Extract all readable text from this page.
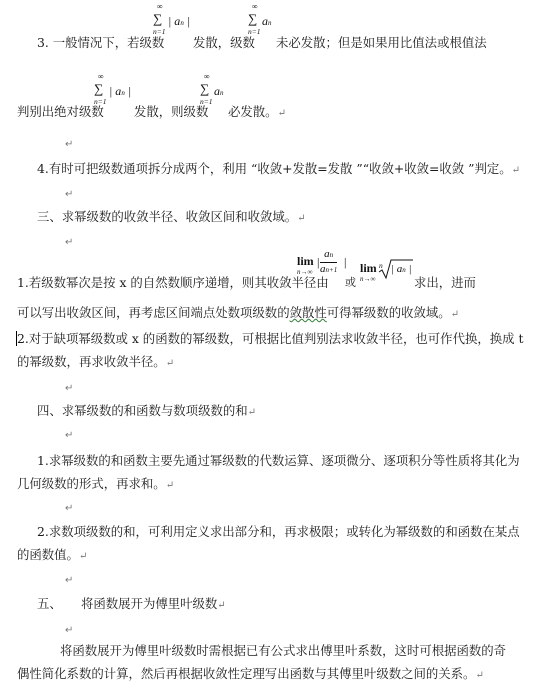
3. 一般情况下，若级数
∞
∑
n=1
| an |
发散，级数
∞
∑
n=1
an
未必发散；但是如果用比值法或根值法
判别出绝对级数
∞
∑
n=1
| an |
发散，则级数
∞
∑
n=1
an
必发散。↵
↵
4.有时可把级数通项拆分成两个，利用 “收敛+发散=发散 ”“收敛+收敛=收敛 ”判定。↵
↵
三、求幂级数的收敛半径、收敛区间和收敛域。↵
↵
1.若级数幂次是按 x 的自然数顺序递增，则其收敛半径由
lim
n→∞
| $\frac{an}{an+1}$ |
或
lim
n→∞
n | an |
求出，进而
可以写出收敛区间，再考虑区间端点处数项级数的敛散性可得幂级数的收敛域。↵
2.对于缺项幂级数或 x 的函数的幂级数，可根据比值判别法求收敛半径，也可作代换，换成 t
的幂级数，再求收敛半径。↵
↵
四、求幂级数的和函数与数项级数的和↵
↵
1.求幂级数的和函数主要先通过幂级数的代数运算、逐项微分、逐项积分等性质将其化为
几何级数的形式，再求和。↵
↵
2.求数项级数的和，可利用定义求出部分和，再求极限；或转化为幂级数的和函数在某点
的函数值。↵
↵
五、 将函数展开为傅里叶级数↵
↵
将函数展开为傅里叶级数时需根据已有公式求出傅里叶系数，这时可根据函数的奇
偶性简化系数的计算，然后再根据收敛性定理写出函数与其傅里叶级数之间的关系。↵
